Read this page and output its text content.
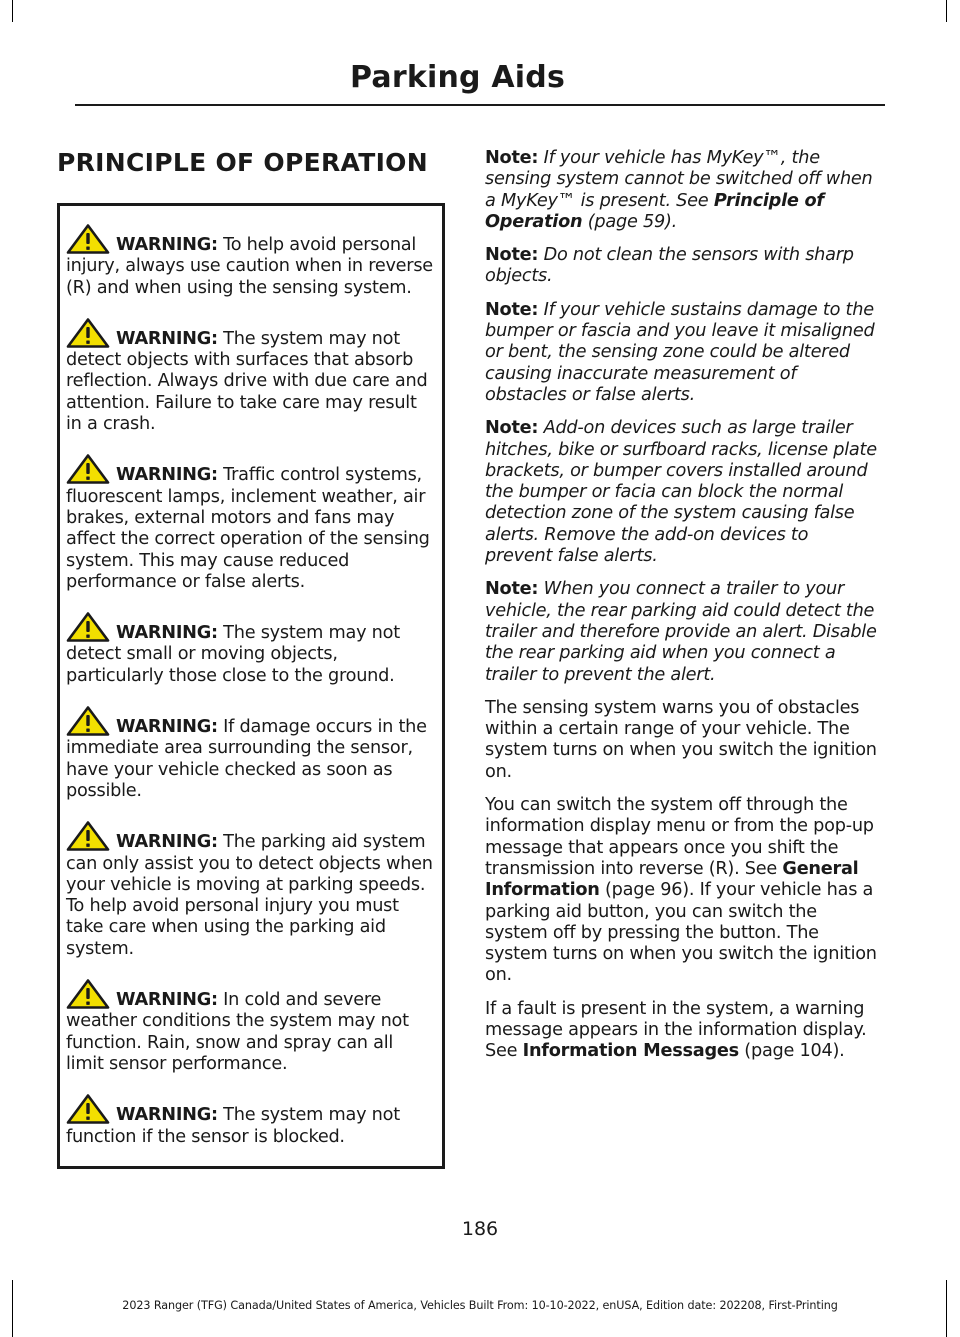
Parking Aids
PRINCIPLE OF OPERATION

WARNING: To help avoid personal injury, always use caution when in reverse (R) and when using the sensing system.

WARNING: The system may not detect objects with surfaces that absorb reflection. Always drive with due care and attention. Failure to take care may result in a crash.

WARNING: Traffic control systems, fluorescent lamps, inclement weather, air brakes, external motors and fans may affect the correct operation of the sensing system. This may cause reduced performance or false alerts.

WARNING: The system may not detect small or moving objects, particularly those close to the ground.

WARNING: If damage occurs in the immediate area surrounding the sensor, have your vehicle checked as soon as possible.

WARNING: The parking aid system can only assist you to detect objects when your vehicle is moving at parking speeds. To help avoid personal injury you must take care when using the parking aid system.

WARNING: In cold and severe weather conditions the system may not function. Rain, snow and spray can all limit sensor performance.

WARNING: The system may not function if the sensor is blocked.

Note: If your vehicle has MyKey™, the sensing system cannot be switched off when a MyKey™ is present. See Principle of Operation (page 59).

Note: Do not clean the sensors with sharp objects.

Note: If your vehicle sustains damage to the bumper or fascia and you leave it misaligned or bent, the sensing zone could be altered causing inaccurate measurement of obstacles or false alerts.

Note: Add-on devices such as large trailer hitches, bike or surfboard racks, license plate brackets, or bumper covers installed around the bumper or facia can block the normal detection zone of the system causing false alerts. Remove the add-on devices to prevent false alerts.

Note: When you connect a trailer to your vehicle, the rear parking aid could detect the trailer and therefore provide an alert. Disable the rear parking aid when you connect a trailer to prevent the alert.

The sensing system warns you of obstacles within a certain range of your vehicle. The system turns on when you switch the ignition on.

You can switch the system off through the information display menu or from the pop-up message that appears once you shift the transmission into reverse (R). See General Information (page 96). If your vehicle has a parking aid button, you can switch the system off by pressing the button. The system turns on when you switch the ignition on.

If a fault is present in the system, a warning message appears in the information display. See Information Messages (page 104).

186
2023 Ranger (TFG) Canada/United States of America, Vehicles Built From: 10-10-2022, enUSA, Edition date: 202208, First-Printing
